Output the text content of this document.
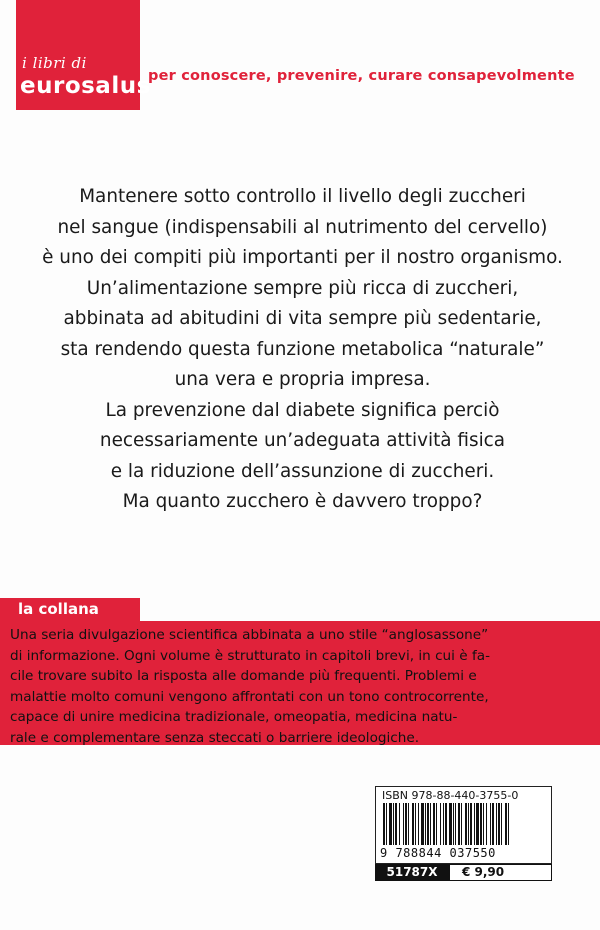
i libri di
eurosalus
per conoscere, prevenire, curare consapevolmente
Mantenere sotto controllo il livello degli zuccheri
nel sangue (indispensabili al nutrimento del cervello)
è uno dei compiti più importanti per il nostro organismo.
Un’alimentazione sempre più ricca di zuccheri,
abbinata ad abitudini di vita sempre più sedentarie,
sta rendendo questa funzione metabolica “naturale”
una vera e propria impresa.
La prevenzione dal diabete significa perciò
necessariamente un’adeguata attività fisica
e la riduzione dell’assunzione di zuccheri.
Ma quanto zucchero è davvero troppo?
la collana
Una seria divulgazione scientifica abbinata a uno stile “anglosassone”
di informazione. Ogni volume è strutturato in capitoli brevi, in cui è fa-
cile trovare subito la risposta alle domande più frequenti. Problemi e
malattie molto comuni vengono affrontati con un tono controcorrente,
capace di unire medicina tradizionale, omeopatia, medicina natu-
rale e complementare senza steccati o barriere ideologiche.
ISBN 978-88-440-3755-0
9 788844 037550
51787X	€ 9,90
